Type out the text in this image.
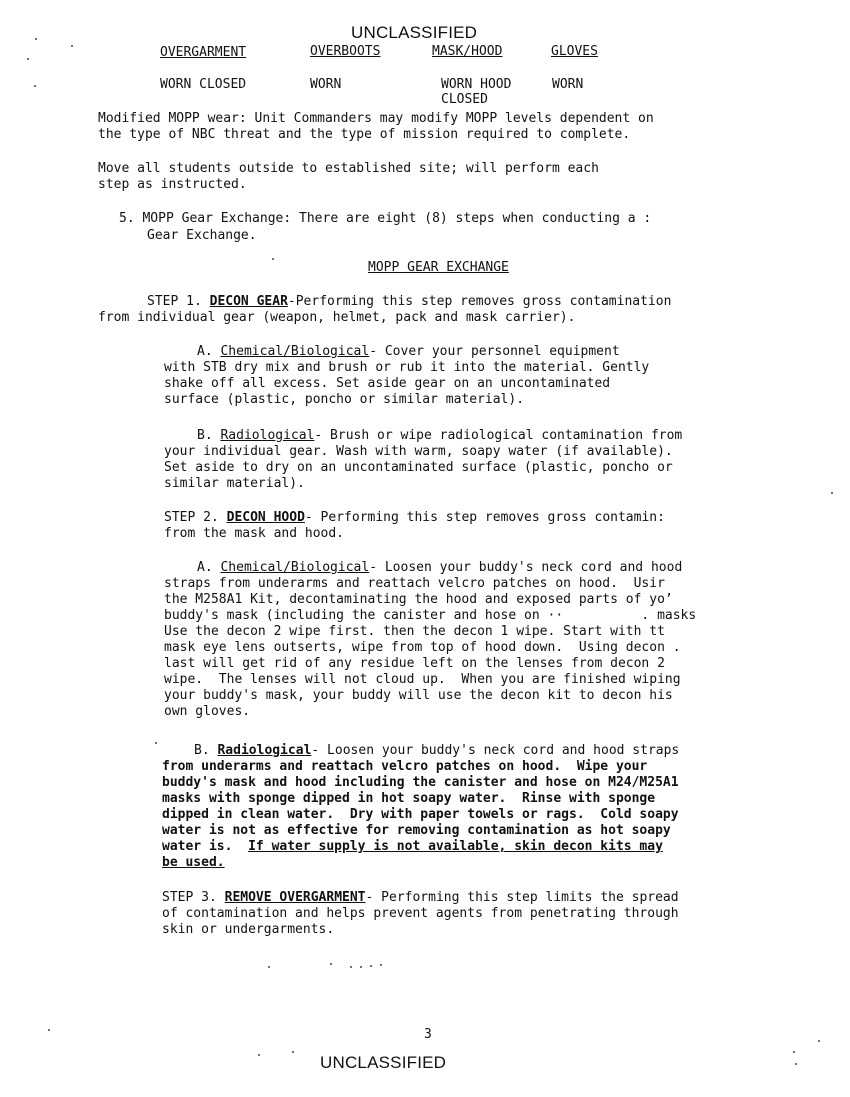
UNCLASSIFIED
OVERGARMENT	OVERBOOTS	MASK/HOOD	GLOVES
WORN CLOSED	WORN	WORN HOOD	WORN
CLOSED
Modified MOPP wear: Unit Commanders may modify MOPP levels dependent on
the type of NBC threat and the type of mission required to complete.
Move all students outside to established site; will perform each
step as instructed.
5. MOPP Gear Exchange: There are eight (8) steps when conducting a :
Gear Exchange.
MOPP GEAR EXCHANGE
STEP 1. DECON GEAR-Performing this step removes gross contamination
from individual gear (weapon, helmet, pack and mask carrier).
A. Chemical/Biological- Cover your personnel equipment
with STB dry mix and brush or rub it into the material. Gently
shake off all excess. Set aside gear on an uncontaminated
surface (plastic, poncho or similar material).
B. Radiological- Brush or wipe radiological contamination from
your individual gear. Wash with warm, soapy water (if available).
Set aside to dry on an uncontaminated surface (plastic, poncho or
similar material).
STEP 2. DECON HOOD- Performing this step removes gross contamin:
from the mask and hood.
A. Chemical/Biological- Loosen your buddy's neck cord and hood
straps from underarms and reattach velcro patches on hood.  Usir
the M258A1 Kit, decontaminating the hood and exposed parts of yo’
buddy's mask (including the canister and hose on ··          . masks
Use the decon 2 wipe first. then the decon 1 wipe. Start with tt
mask eye lens outserts, wipe from top of hood down.  Using decon .
last will get rid of any residue left on the lenses from decon 2
wipe.  The lenses will not cloud up.  When you are finished wiping
your buddy's mask, your buddy will use the decon kit to decon his
own gloves.
B. Radiological- Loosen your buddy's neck cord and hood straps
from underarms and reattach velcro patches on hood.  Wipe your
buddy's mask and hood including the canister and hose on M24/M25A1
masks with sponge dipped in hot soapy water.  Rinse with sponge
dipped in clean water.  Dry with paper towels or rags.  Cold soapy
water is not as effective for removing contamination as hot soapy
water is.  If water supply is not available, skin decon kits may
be used.
STEP 3. REMOVE OVERGARMENT- Performing this step limits the spread
of contamination and helps prevent agents from penetrating through
skin or undergarments.
3
UNCLASSIFIED
